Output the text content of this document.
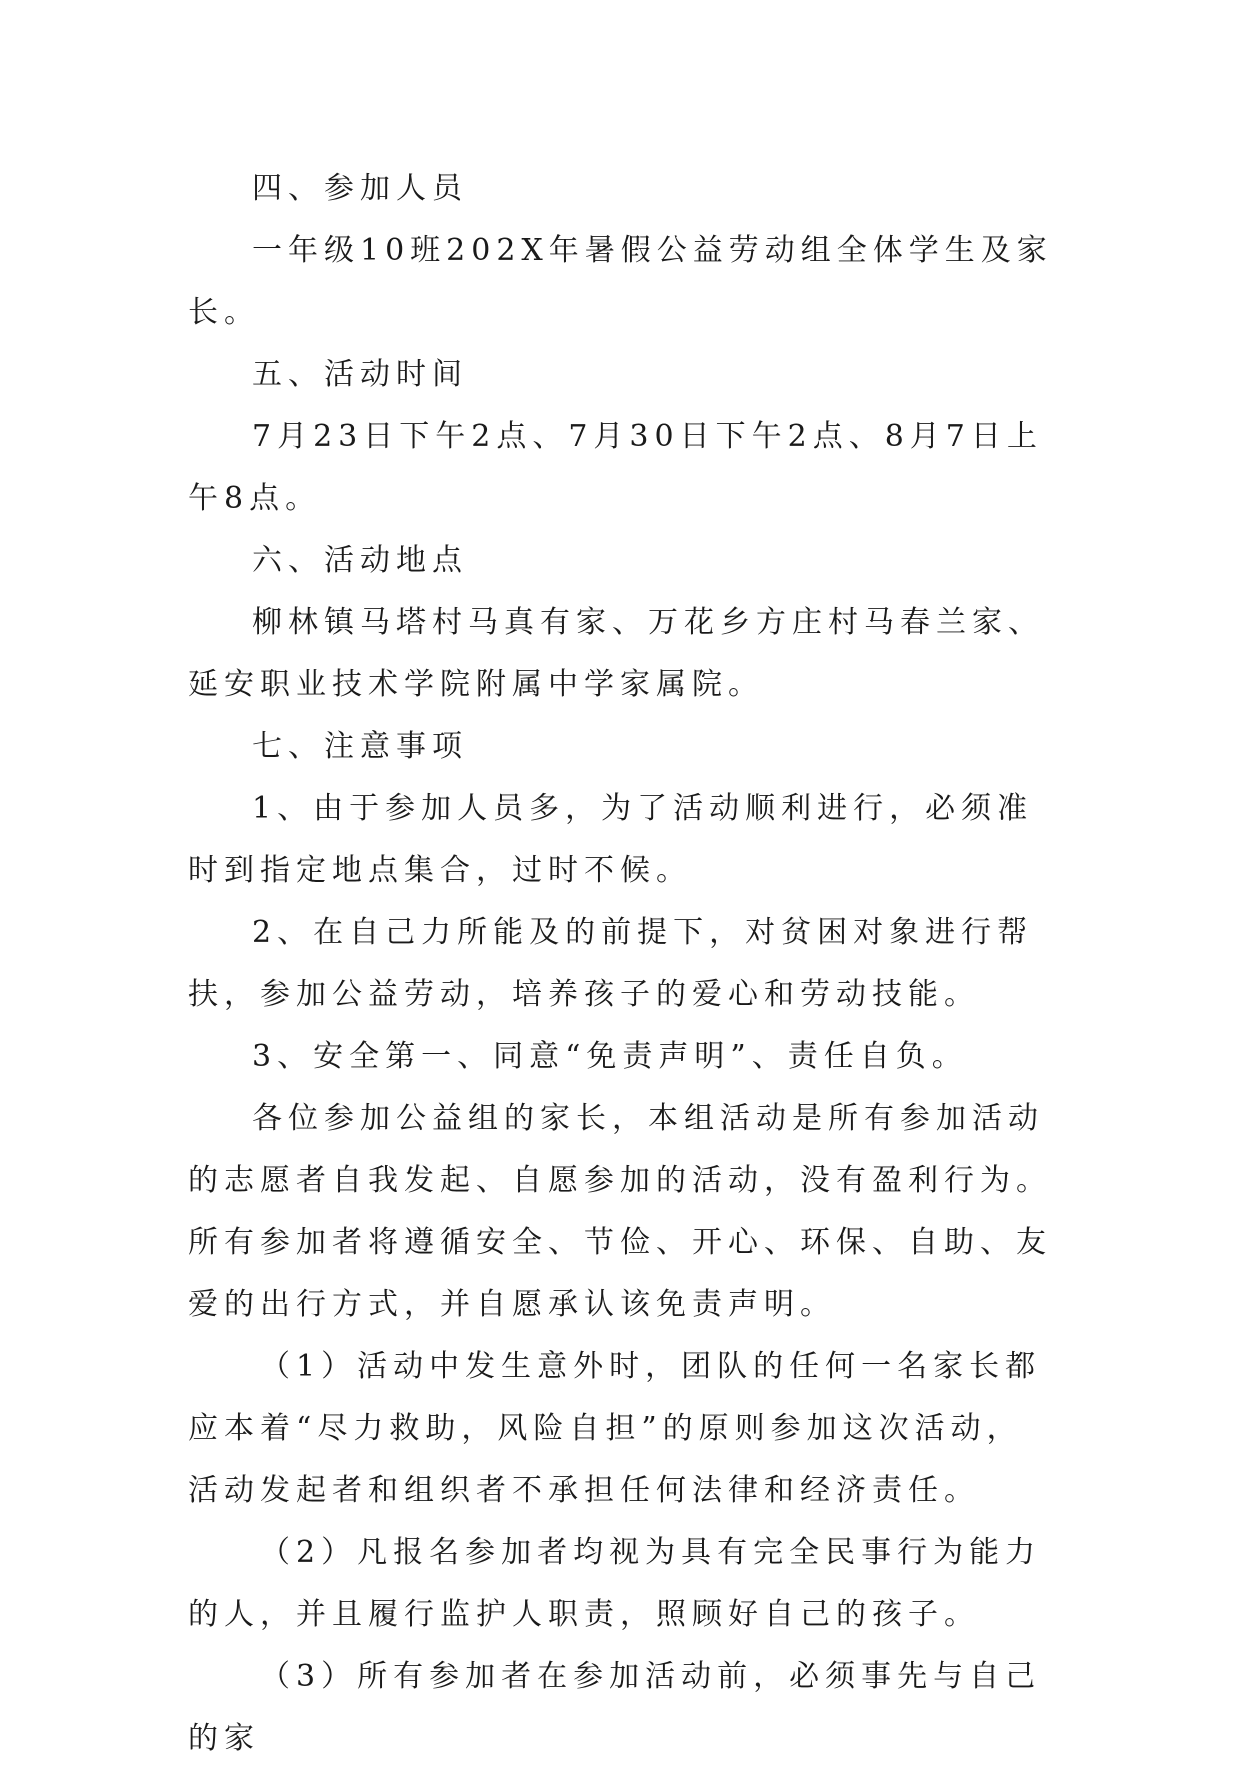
四、参加人员

一年级10班202X年暑假公益劳动组全体学生及家长。

五、活动时间

7月23日下午2点、7月30日下午2点、8月7日上午8点。

六、活动地点

柳林镇马塔村马真有家、万花乡方庄村马春兰家、延安职业技术学院附属中学家属院。

七、注意事项

1、由于参加人员多，为了活动顺利进行，必须准时到指定地点集合，过时不候。

2、在自己力所能及的前提下，对贫困对象进行帮扶，参加公益劳动，培养孩子的爱心和劳动技能。

3、安全第一、同意“免责声明”、责任自负。

各位参加公益组的家长，本组活动是所有参加活动的志愿者自我发起、自愿参加的活动，没有盈利行为。所有参加者将遵循安全、节俭、开心、环保、自助、友爱的出行方式，并自愿承认该免责声明。

（1）活动中发生意外时，团队的任何一名家长都应本着“尽力救助，风险自担”的原则参加这次活动，活动发起者和组织者不承担任何法律和经济责任。

（2）凡报名参加者均视为具有完全民事行为能力的人，并且履行监护人职责，照顾好自己的孩子。

（3）所有参加者在参加活动前，必须事先与自己的家
